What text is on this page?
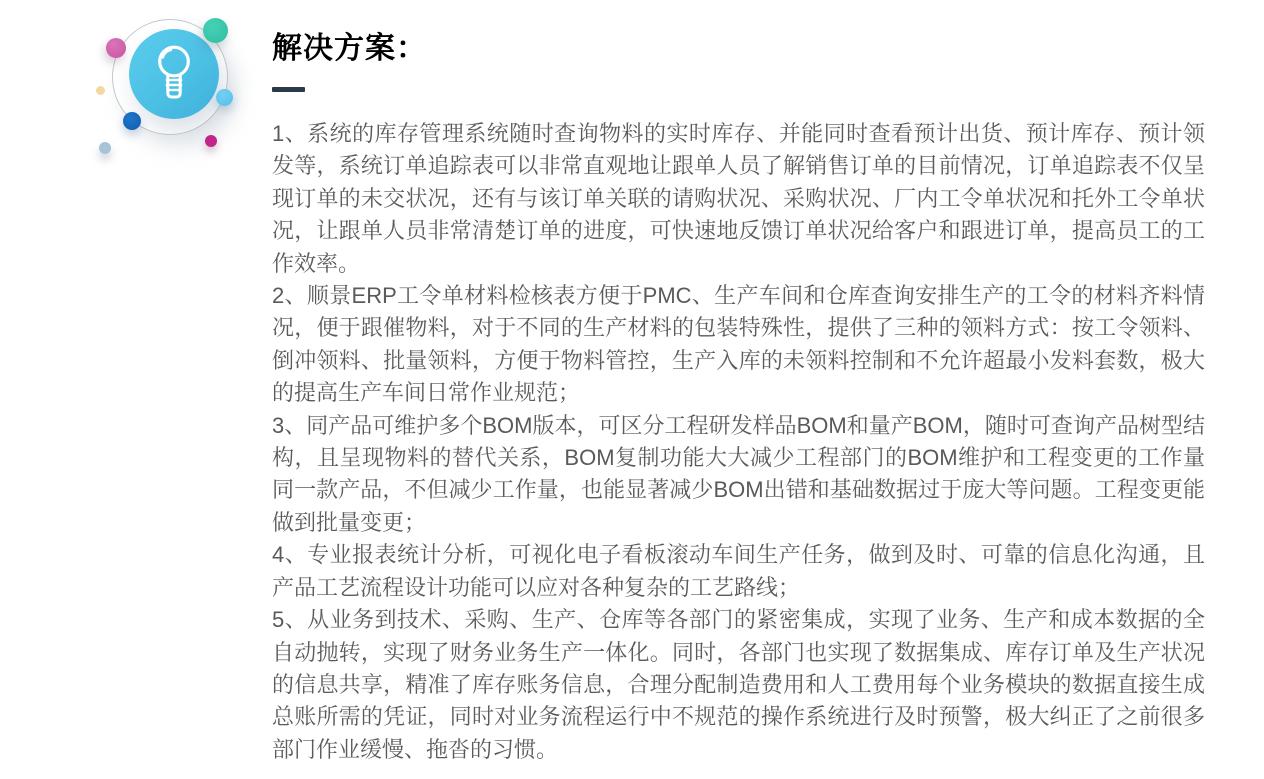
解决方案：

1、系统的库存管理系统随时查询物料的实时库存、并能同时查看预计出货、预计库存、预计领发等，系统订单追踪表可以非常直观地让跟单人员了解销售订单的目前情况，订单追踪表不仅呈现订单的未交状况，还有与该订单关联的请购状况、采购状况、厂内工令单状况和托外工令单状况，让跟单人员非常清楚订单的进度，可快速地反馈订单状况给客户和跟进订单，提高员工的工作效率。

2、顺景ERP工令单材料检核表方便于PMC、生产车间和仓库查询安排生产的工令的材料齐料情况，便于跟催物料，对于不同的生产材料的包装特殊性，提供了三种的领料方式：按工令领料、倒冲领料、批量领料，方便于物料管控，生产入库的未领料控制和不允许超最小发料套数，极大的提高生产车间日常作业规范；

3、同产品可维护多个BOM版本，可区分工程研发样品BOM和量产BOM，随时可查询产品树型结构，且呈现物料的替代关系，BOM复制功能大大减少工程部门的BOM维护和工程变更的工作量同一款产品，不但减少工作量，也能显著减少BOM出错和基础数据过于庞大等问题。工程变更能做到批量变更；

4、专业报表统计分析，可视化电子看板滚动车间生产任务，做到及时、可靠的信息化沟通，且产品工艺流程设计功能可以应对各种复杂的工艺路线；

5、从业务到技术、采购、生产、仓库等各部门的紧密集成，实现了业务、生产和成本数据的全自动抛转，实现了财务业务生产一体化。同时，各部门也实现了数据集成、库存订单及生产状况的信息共享，精准了库存账务信息，合理分配制造费用和人工费用每个业务模块的数据直接生成总账所需的凭证，同时对业务流程运行中不规范的操作系统进行及时预警，极大纠正了之前很多部门作业缓慢、拖沓的习惯。
